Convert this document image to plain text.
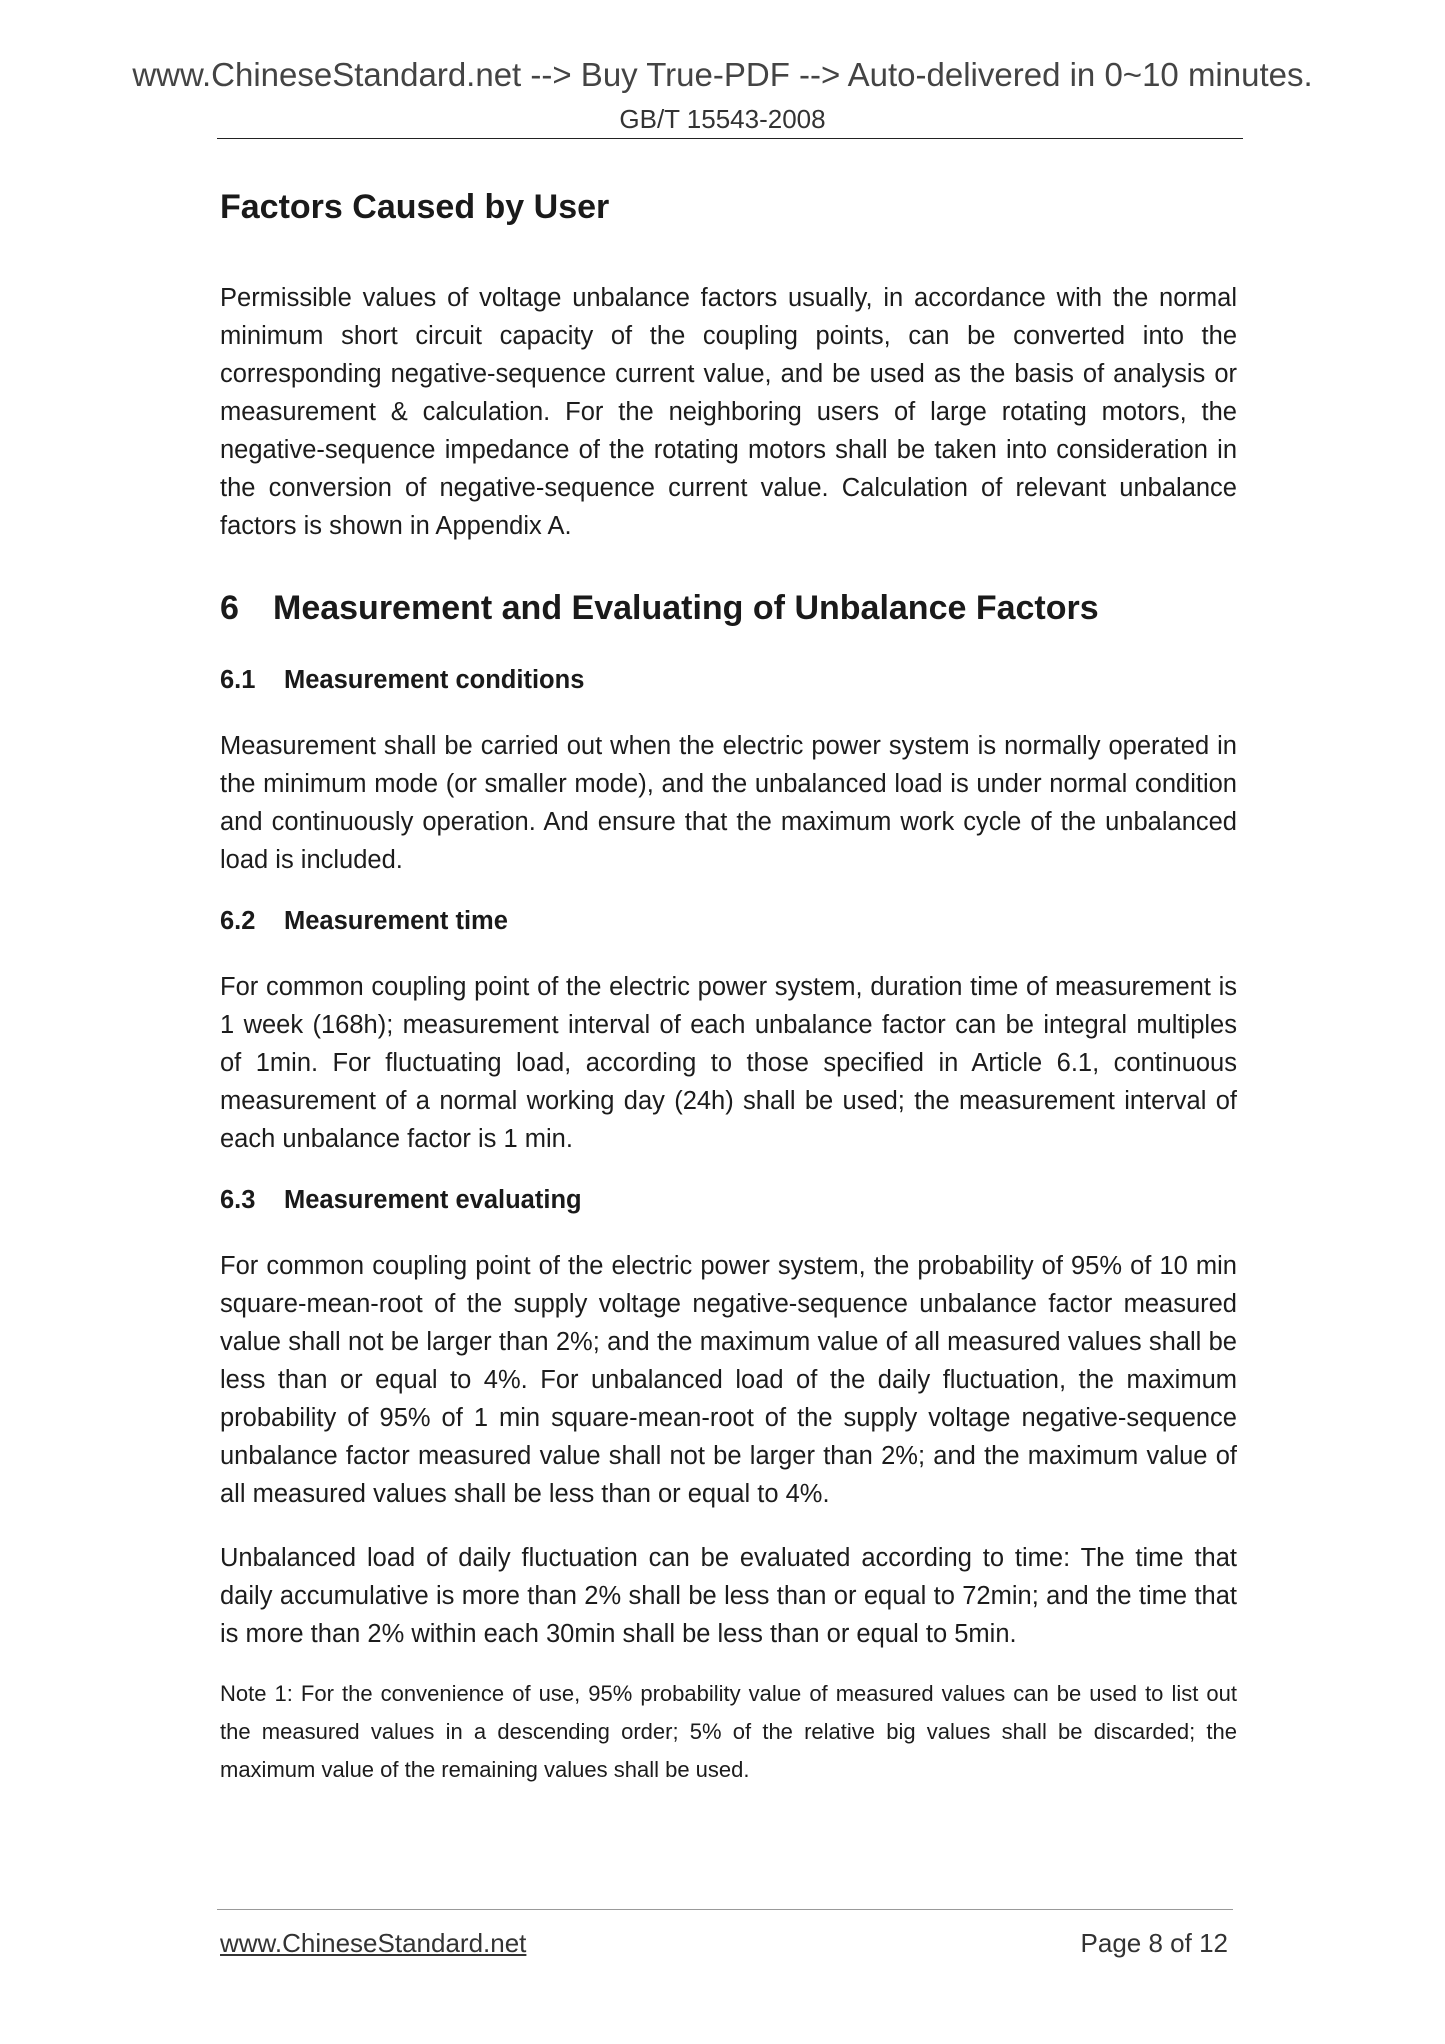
www.ChineseStandard.net --> Buy True-PDF --> Auto-delivered in 0~10 minutes.
GB/T 15543-2008
Factors Caused by User

Permissible values of voltage unbalance factors usually, in accordance with the normal minimum short circuit capacity of the coupling points, can be converted into the corresponding negative-sequence current value, and be used as the basis of analysis or measurement & calculation. For the neighboring users of large rotating motors, the negative-sequence impedance of the rotating motors shall be taken into consideration in the conversion of negative-sequence current value. Calculation of relevant unbalance factors is shown in Appendix A.

6	Measurement and Evaluating of Unbalance Factors
6.1	Measurement conditions

Measurement shall be carried out when the electric power system is normally operated in the minimum mode (or smaller mode), and the unbalanced load is under normal condition and continuously operation. And ensure that the maximum work cycle of the unbalanced load is included.

6.2	Measurement time

For common coupling point of the electric power system, duration time of measurement is 1 week (168h); measurement interval of each unbalance factor can be integral multiples of 1min. For fluctuating load, according to those specified in Article 6.1, continuous measurement of a normal working day (24h) shall be used; the measurement interval of each unbalance factor is 1 min.

6.3	Measurement evaluating

For common coupling point of the electric power system, the probability of 95% of 10 min square-mean-root of the supply voltage negative-sequence unbalance factor measured value shall not be larger than 2%; and the maximum value of all measured values shall be less than or equal to 4%. For unbalanced load of the daily fluctuation, the maximum probability of 95% of 1 min square-mean-root of the supply voltage negative-sequence unbalance factor measured value shall not be larger than 2%; and the maximum value of all measured values shall be less than or equal to 4%.

Unbalanced load of daily fluctuation can be evaluated according to time: The time that daily accumulative is more than 2% shall be less than or equal to 72min; and the time that is more than 2% within each 30min shall be less than or equal to 5min.

Note 1: For the convenience of use, 95% probability value of measured values can be used to list out the measured values in a descending order; 5% of the relative big values shall be discarded; the maximum value of the remaining values shall be used.

www.ChineseStandard.net	Page 8 of 12
